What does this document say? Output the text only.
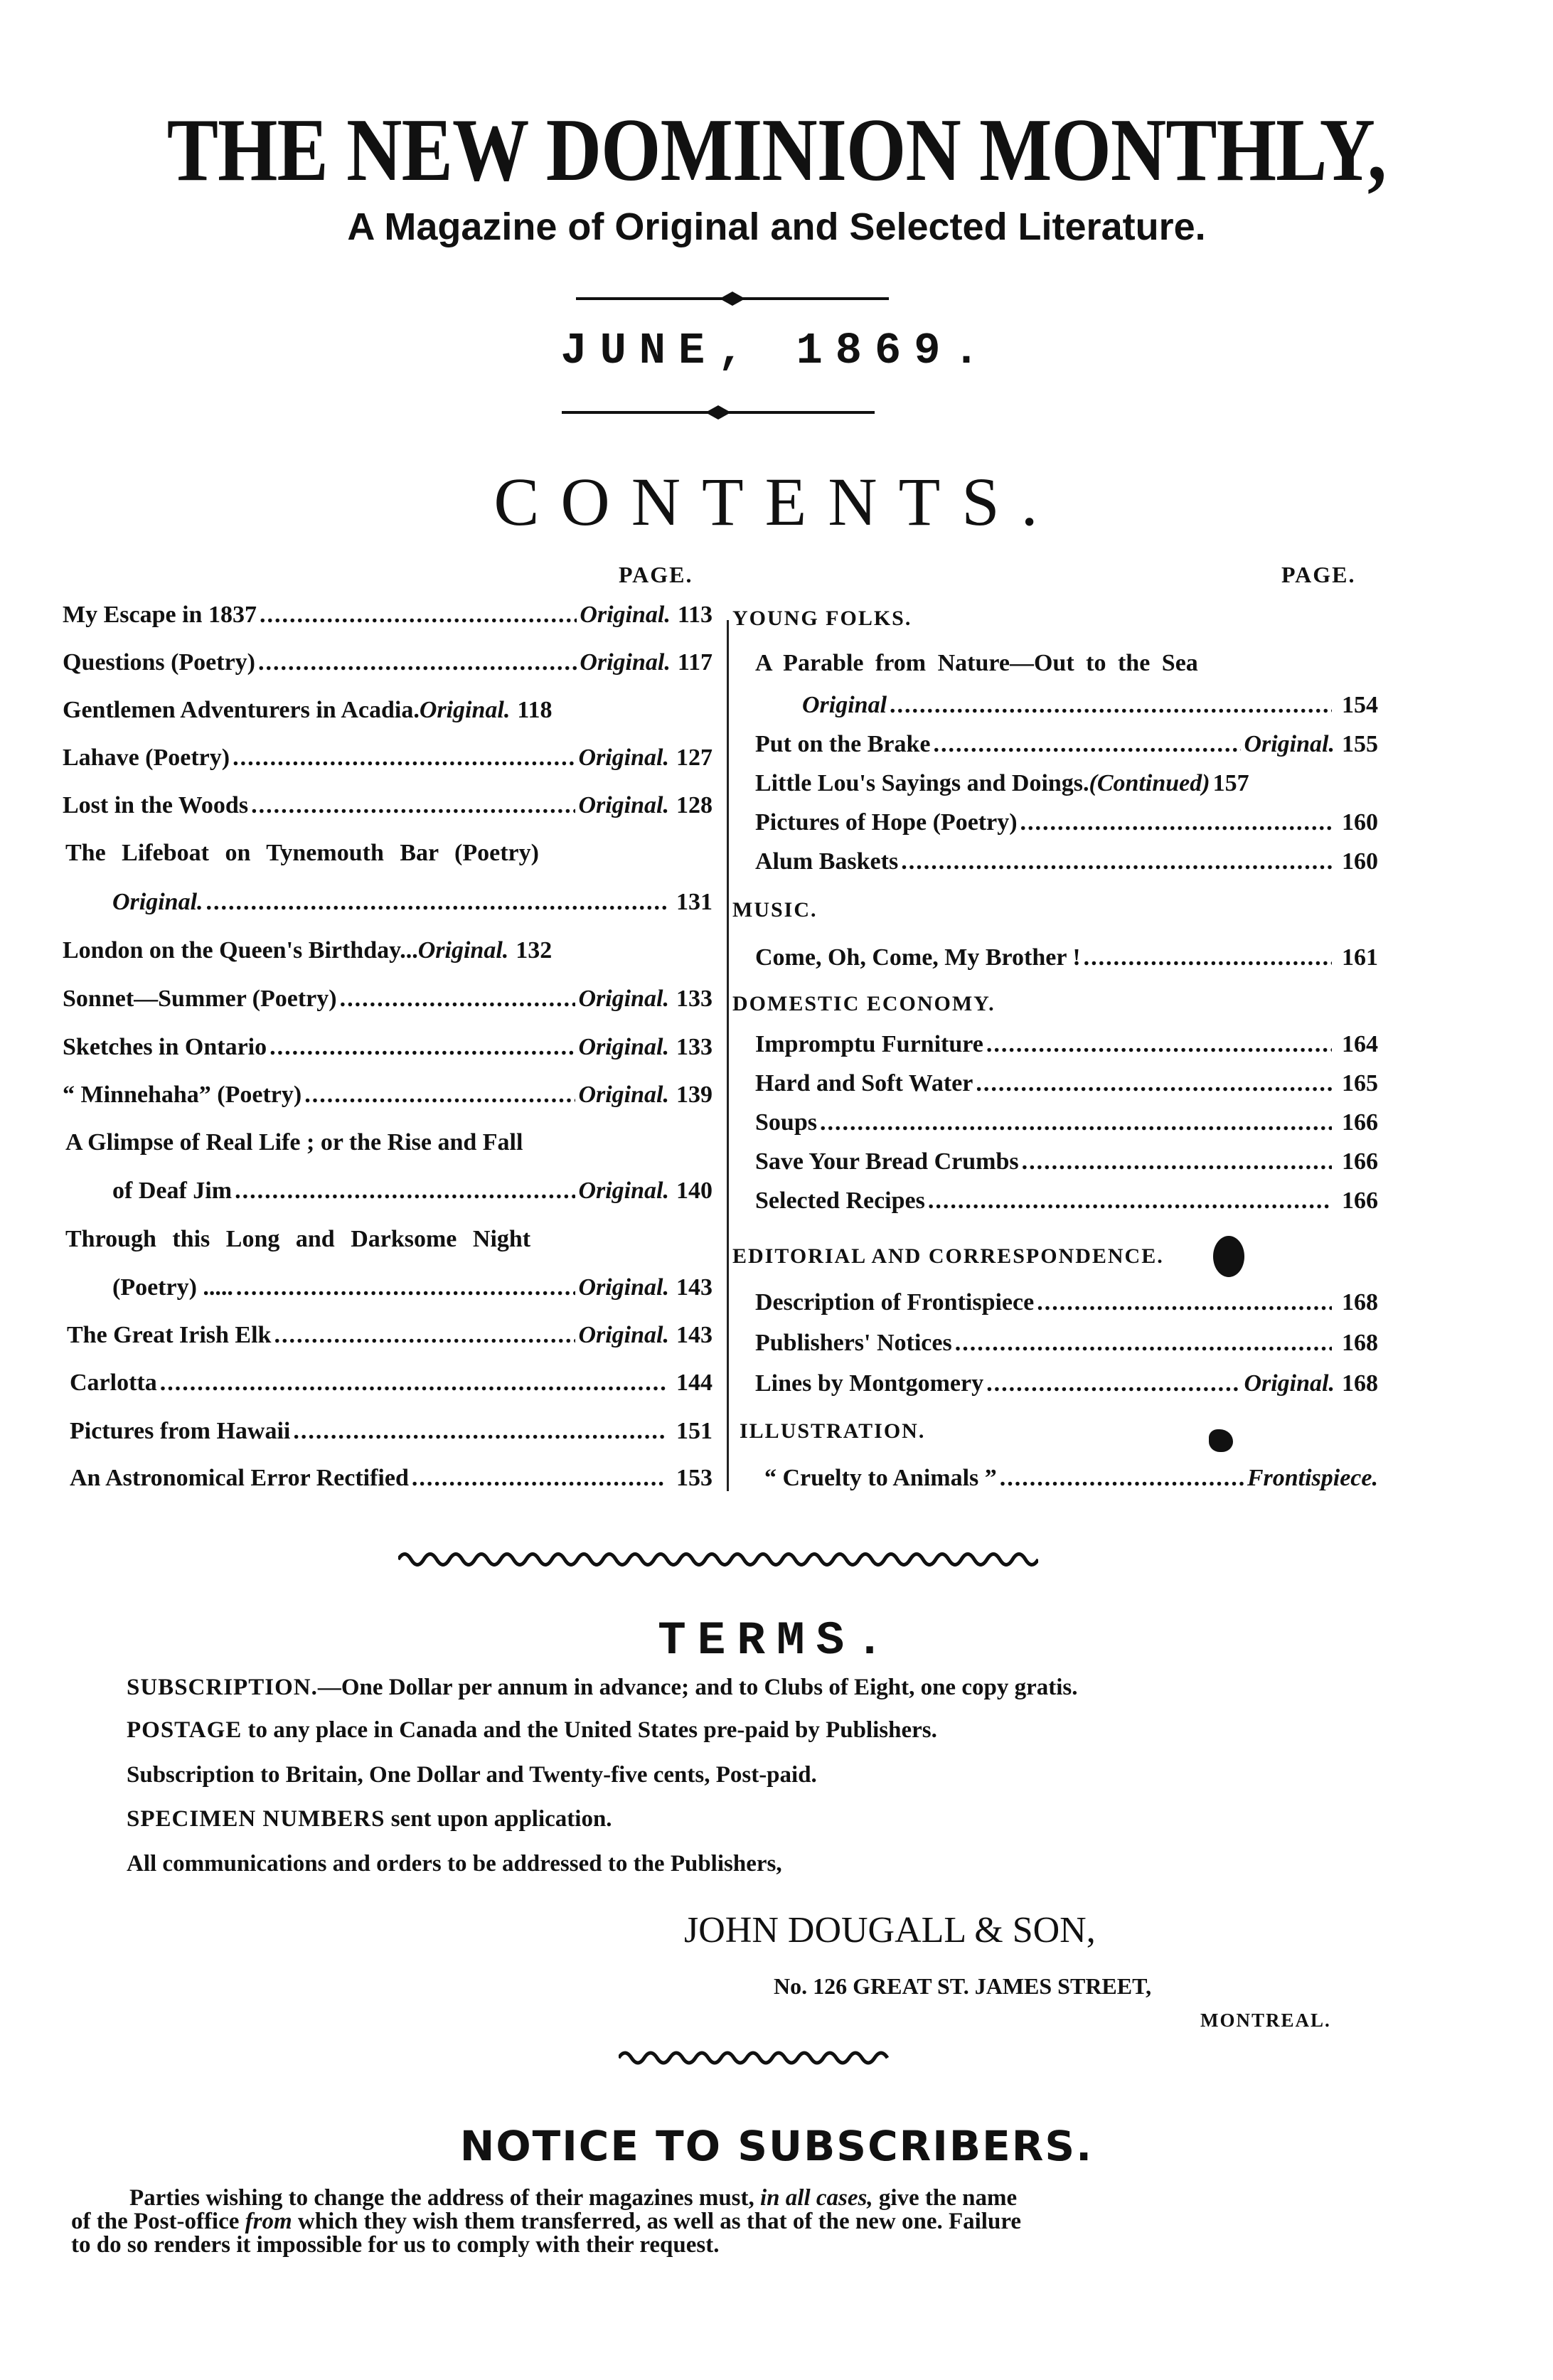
THE NEW DOMINION MONTHLY,
A Magazine of Original and Selected Literature.
JUNE, 1869.
CONTENTS.
PAGE.	PAGE.
My Escape in 1837 .....	Original. 113
Questions (Poetry) .....	Original. 117
Gentlemen Adventurers in Acadia. Original. 118
Lahave (Poetry) .....	Original. 127
Lost in the Woods .....	Original. 128
The Lifeboat on Tynemouth Bar (Poetry)
Original. .....	131
London on the Queen's Birthday... Original. 132
Sonnet—Summer (Poetry) .....	Original. 133
Sketches in Ontario .....	Original. 133
“ Minnehaha” (Poetry) .....	Original. 139
A Glimpse of Real Life ; or the Rise and Fall
of Deaf Jim .....	Original. 140
Through this Long and Darksome Night
(Poetry) ..... .....	Original. 143
The Great Irish Elk .....	Original. 143
Carlotta .....	144
Pictures from Hawaii .....	151
An Astronomical Error Rectified .....	153
YOUNG FOLKS.
A Parable from Nature—Out to the Sea
Original .....	154
Put on the Brake .....	Original. 155
Little Lou's Sayings and Doings. (Continued) 157
Pictures of Hope (Poetry) .....	160
Alum Baskets .....	160
MUSIC.
Come, Oh, Come, My Brother ! .....	161
DOMESTIC ECONOMY.
Impromptu Furniture .....	164
Hard and Soft Water .....	165
Soups .....	166
Save Your Bread Crumbs .....	166
Selected Recipes .....	166
EDITORIAL AND CORRESPONDENCE.
Description of Frontispiece .....	168
Publishers' Notices .....	168
Lines by Montgomery .....	Original. 168
ILLUSTRATION.
“ Cruelty to Animals ” .....	Frontispiece.
TERMS.
SUBSCRIPTION.—One Dollar per annum in advance; and to Clubs of Eight, one copy gratis.
POSTAGE to any place in Canada and the United States pre-paid by Publishers.
Subscription to Britain, One Dollar and Twenty-five cents, Post-paid.
SPECIMEN NUMBERS sent upon application.
All communications and orders to be addressed to the Publishers,
JOHN DOUGALL & SON,
No. 126 GREAT ST. JAMES STREET,
MONTREAL.
NOTICE TO SUBSCRIBERS.

Parties wishing to change the address of their magazines must, in all cases, give the name

of the Post-office from which they wish them transferred, as well as that of the new one. Failure

to do so renders it impossible for us to comply with their request.
